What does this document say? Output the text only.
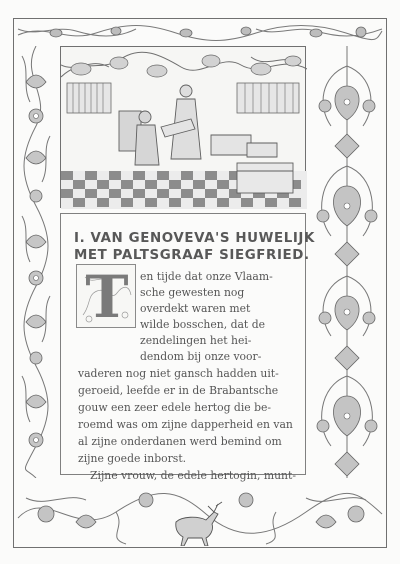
I. VAN GENOVEVA'S HUWELIJK
MET PALTSGRAAF SIEGFRIED.
T	en tijde dat onze Vlaam-
sche gewesten nog
overdekt waren met
wilde bosschen, dat de
zendelingen het hei-
dendom bij onze voor-
vaderen nog niet gansch hadden uit-
geroeid, leefde er in de Brabantsche
gouw een zeer edele hertog die be-
roemd was om zijne dapperheid en van
al zijne onderdanen werd bemind om
zijne goede inborst.
Zijne vrouw, de edele hertogin, munt-
